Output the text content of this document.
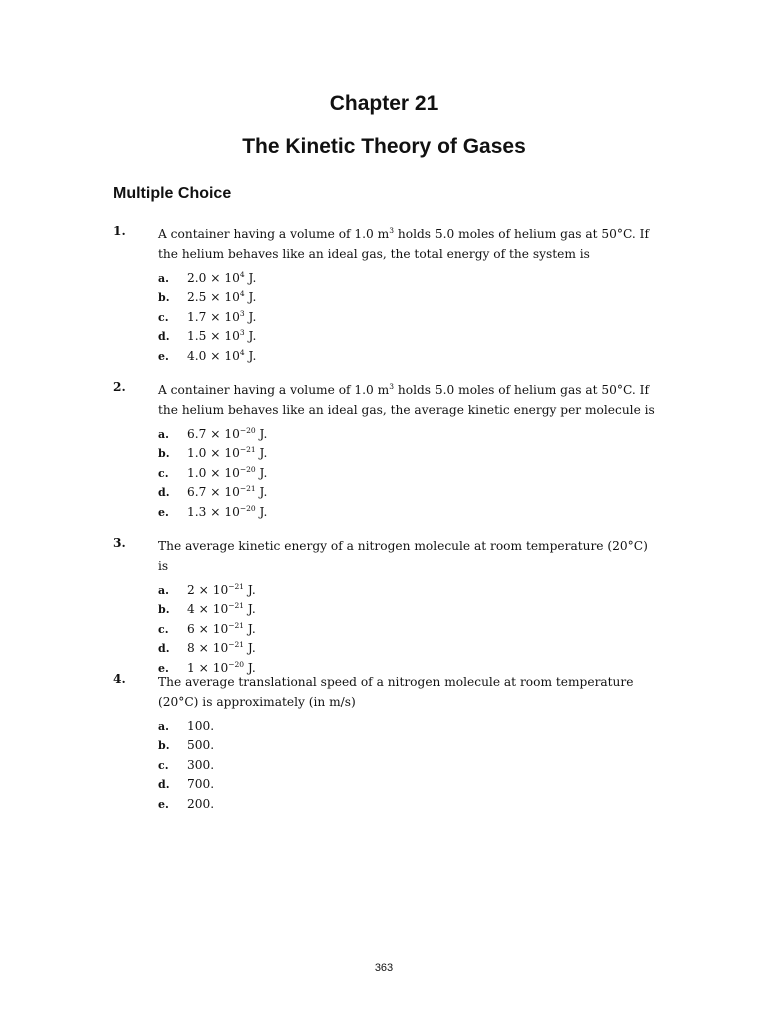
Chapter 21
The Kinetic Theory of Gases
Multiple Choice
1.	A container having a volume of 1.0 $m^3$ holds 5.0 moles of helium gas at 50°C. If the helium behaves like an ideal gas, the total energy of the system is
a. $2.0 \times 10^4$ J.
b. $2.5 \times 10^4$ J.
c. $1.7 \times 10^3$ J.
d. $1.5 \times 10^3$ J.
e. $4.0 \times 10^4$ J.
2.	A container having a volume of 1.0 $m^3$ holds 5.0 moles of helium gas at 50°C. If the helium behaves like an ideal gas, the average kinetic energy per molecule is
a. $6.7 \times 10^{-20}$ J.
b. $1.0 \times 10^{-21}$ J.
c. $1.0 \times 10^{-20}$ J.
d. $6.7 \times 10^{-21}$ J.
e. $1.3 \times 10^{-20}$ J.
3.	The average kinetic energy of a nitrogen molecule at room temperature (20°C) is
a. $2 \times 10^{-21}$ J.
b. $4 \times 10^{-21}$ J.
c. $6 \times 10^{-21}$ J.
d. $8 \times 10^{-21}$ J.
e. $1 \times 10^{-20}$ J.
4.	The average translational speed of a nitrogen molecule at room temperature (20°C) is approximately (in m/s)
a. 100.
b. 500.
c. 300.
d. 700.
e. 200.
363
